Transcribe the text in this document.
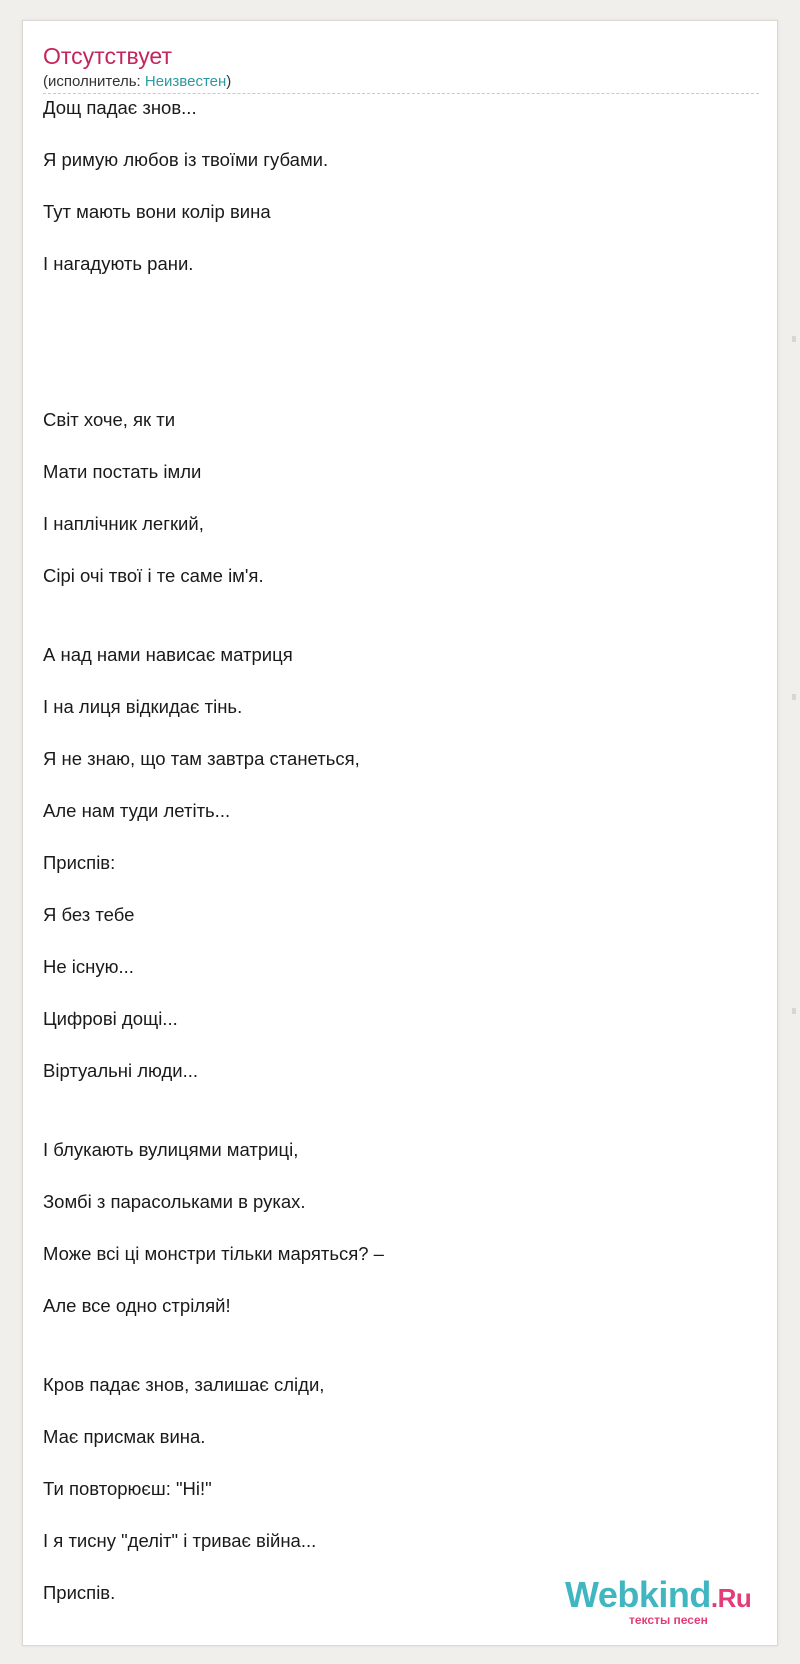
Отсутствует
(исполнитель: Неизвестен)
Дощ падає знов...
Я римую любов із твоїми губами.
Тут мають вони колір вина
І нагадують рани.
Світ хоче, як ти
Мати постать імли
І наплічник легкий,
Сірі очі твої і те саме ім'я.
А над нами нависає матриця
І на лиця відкидає тінь.
Я не знаю, що там завтра станеться,
Але нам туди летіть...
Приспів:
Я без тебе
Не існую...
Цифрові дощі...
Віртуальні люди...
І блукають вулицями матриці,
Зомбі з парасольками в руках.
Може всі ці монстри тільки маряться? –
Але все одно стріляй!
Кров падає знов, залишає сліди,
Має присмак вина.
Ти повторюєш: "Ні!"
І я тисну "деліт" і триває війна...
Приспів.	Webkind.Ru
тексты песен
